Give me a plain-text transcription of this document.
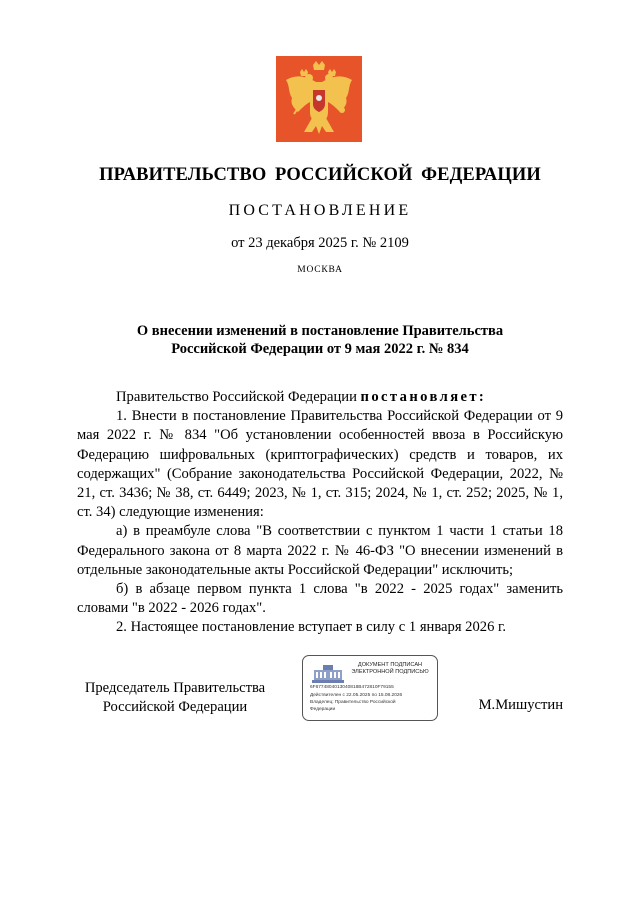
ПРАВИТЕЛЬСТВО РОССИЙСКОЙ ФЕДЕРАЦИИ
ПОСТАНОВЛЕНИЕ
от 23 декабря 2025 г. № 2109
МОСКВА
О внесении изменений в постановление Правительства
Российской Федерации от 9 мая 2022 г. № 834

Правительство Российской Федерации постановляет:

1. Внести в постановление Правительства Российской Федерации от 9 мая 2022 г. № 834 "Об установлении особенностей ввоза в Российскую Федерацию шифровальных (криптографических) средств и товаров, их содержащих" (Собрание законодательства Российской Федерации, 2022, № 21, ст. 3436; № 38, ст. 6449; 2023, № 1, ст. 315; 2024, № 1, ст. 252; 2025, № 1, ст. 34) следующие изменения:

а) в преамбуле слова "В соответствии с пунктом 1 части 1 статьи 18 Федерального закона от 8 марта 2022 г. № 46-ФЗ "О внесении изменений в отдельные законодательные акты Российской Федерации" исключить;

б) в абзаце первом пункта 1 слова "в 2022 - 2025 годах" заменить словами "в 2022 - 2026 годах".

2. Настоящее постановление вступает в силу с 1 января 2026 г.

Председатель Правительства
Российской Федерации
ДОКУМЕНТ ПОДПИСАН
ЭЛЕКТРОННОЙ ПОДПИСЬЮ
6F6774804013040818B472810F79155
Действителен с 22.05.2025 по 15.08.2026
Владелец: Правительство Российской
Федерации	М.Мишустин
